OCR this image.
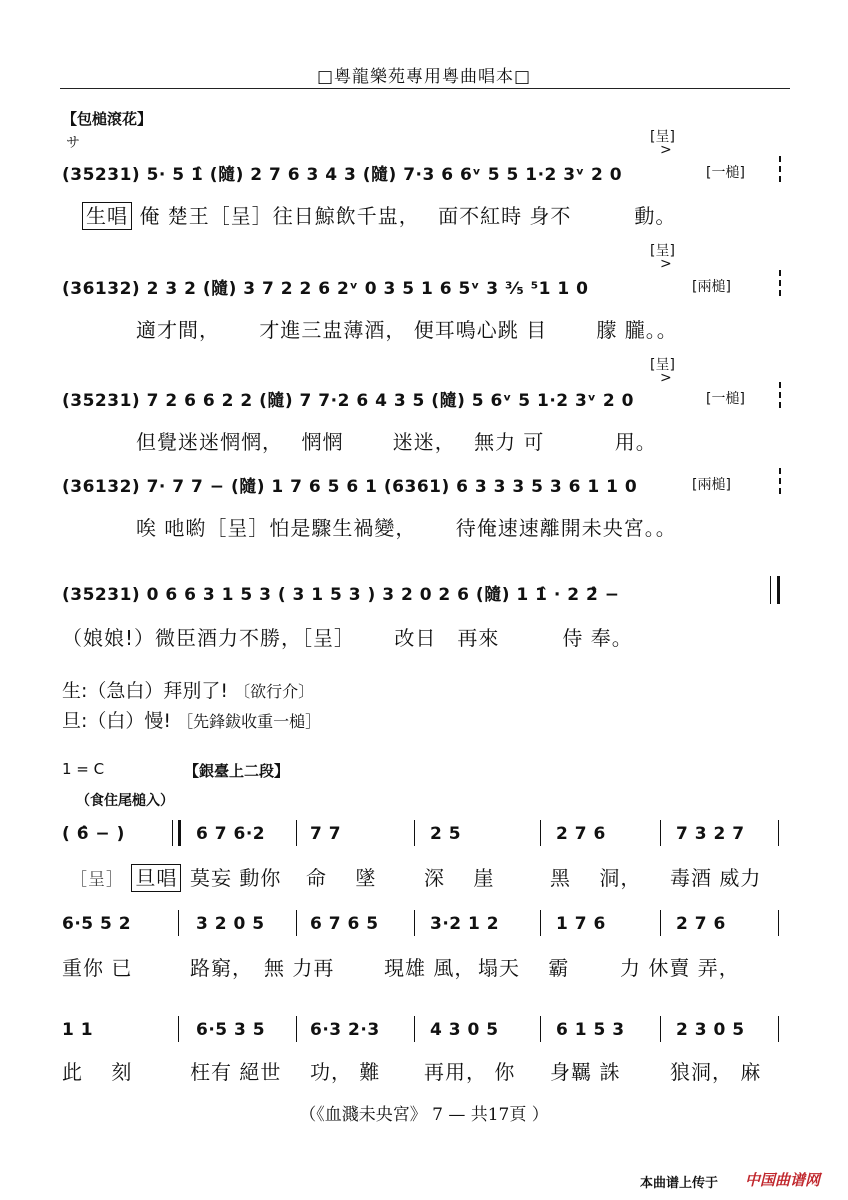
□粵龍樂苑專用粵曲唱本□
【包槌滾花】
サ	[呈]
>
(35231) 5· 5 1̂ (隨) 2 7 6 3 4 3 (隨) 7·3 6 6ᵛ 5 5 1·2 3ᵛ 2 0	[一槌]
生唱 俺 楚王［呈］往日鯨飲千盅，　 面不紅時 身不　　　動。
[呈]
>
(36132) 2 3 2 (隨) 3 7 2 2 6 2ᵛ 0 3 5 1 6 5ᵛ 3 ³⁄₅ ⁵1 1 0	[兩槌]
適才間，　　 才進三盅薄酒， 便耳鳴心跳 目　　 朦 朧。。
[呈]
>
(35231) 7 2 6 6 2 2 (隨) 7 7·2 6 4 3 5 (隨) 5 6ᵛ 5 1·2 3ᵛ 2 0	[一槌]
但覺迷迷惘惘，　 惘惘　　 迷迷，　 無力 可　　　 用。
(36132) 7· 7 7 − (隨) 1 7 6 5 6 1 (6361) 6 3 3 3 5 3 6 1 1 0	[兩槌]
唉 吔喲［呈］怕是驟生禍變，　　 待俺速速離開未央宮。。
(35231) 0 6 6 3 1 5 3 ( 3 1 5 3 ) 3 2 0 2 6 (隨) 1 1̂ · 2 2̂ −
（娘娘!）微臣酒力不勝，［呈］　　 改日　再來　　　侍 奉。
生:（急白）拜別了! 〔欲行介〕
旦:（白）慢! ［先鋒鈸收重一槌］
1 = C	【銀臺上二段】
（食住尾槌入）
( 6̂ − )	6 7 6·2	7 7	2 5	2 7 6	7 3 2 7
［呈］ 旦唱 莫妄 動你 命　 墜 深　 崖	黑　 洞， 毒酒 威力
6·5 5 2	3 2 0 5	6 7 6 5	3·2 1 2	1 7 6	2 7 6
重你 已	路窮， 無 力再 現雄 風， 塌天　 霸	力 休賣 弄，
1 1	6·5 3 5	6·3 2·3	4 3 0 5	6 1 5 3	2 3 0 5
此　 刻	枉有 絕世 功， 難 再用， 你 身羈 誅 狼洞， 麻
（《血濺未央宮》 7 — 共17頁 ）
本曲谱上传于 中国曲谱网
